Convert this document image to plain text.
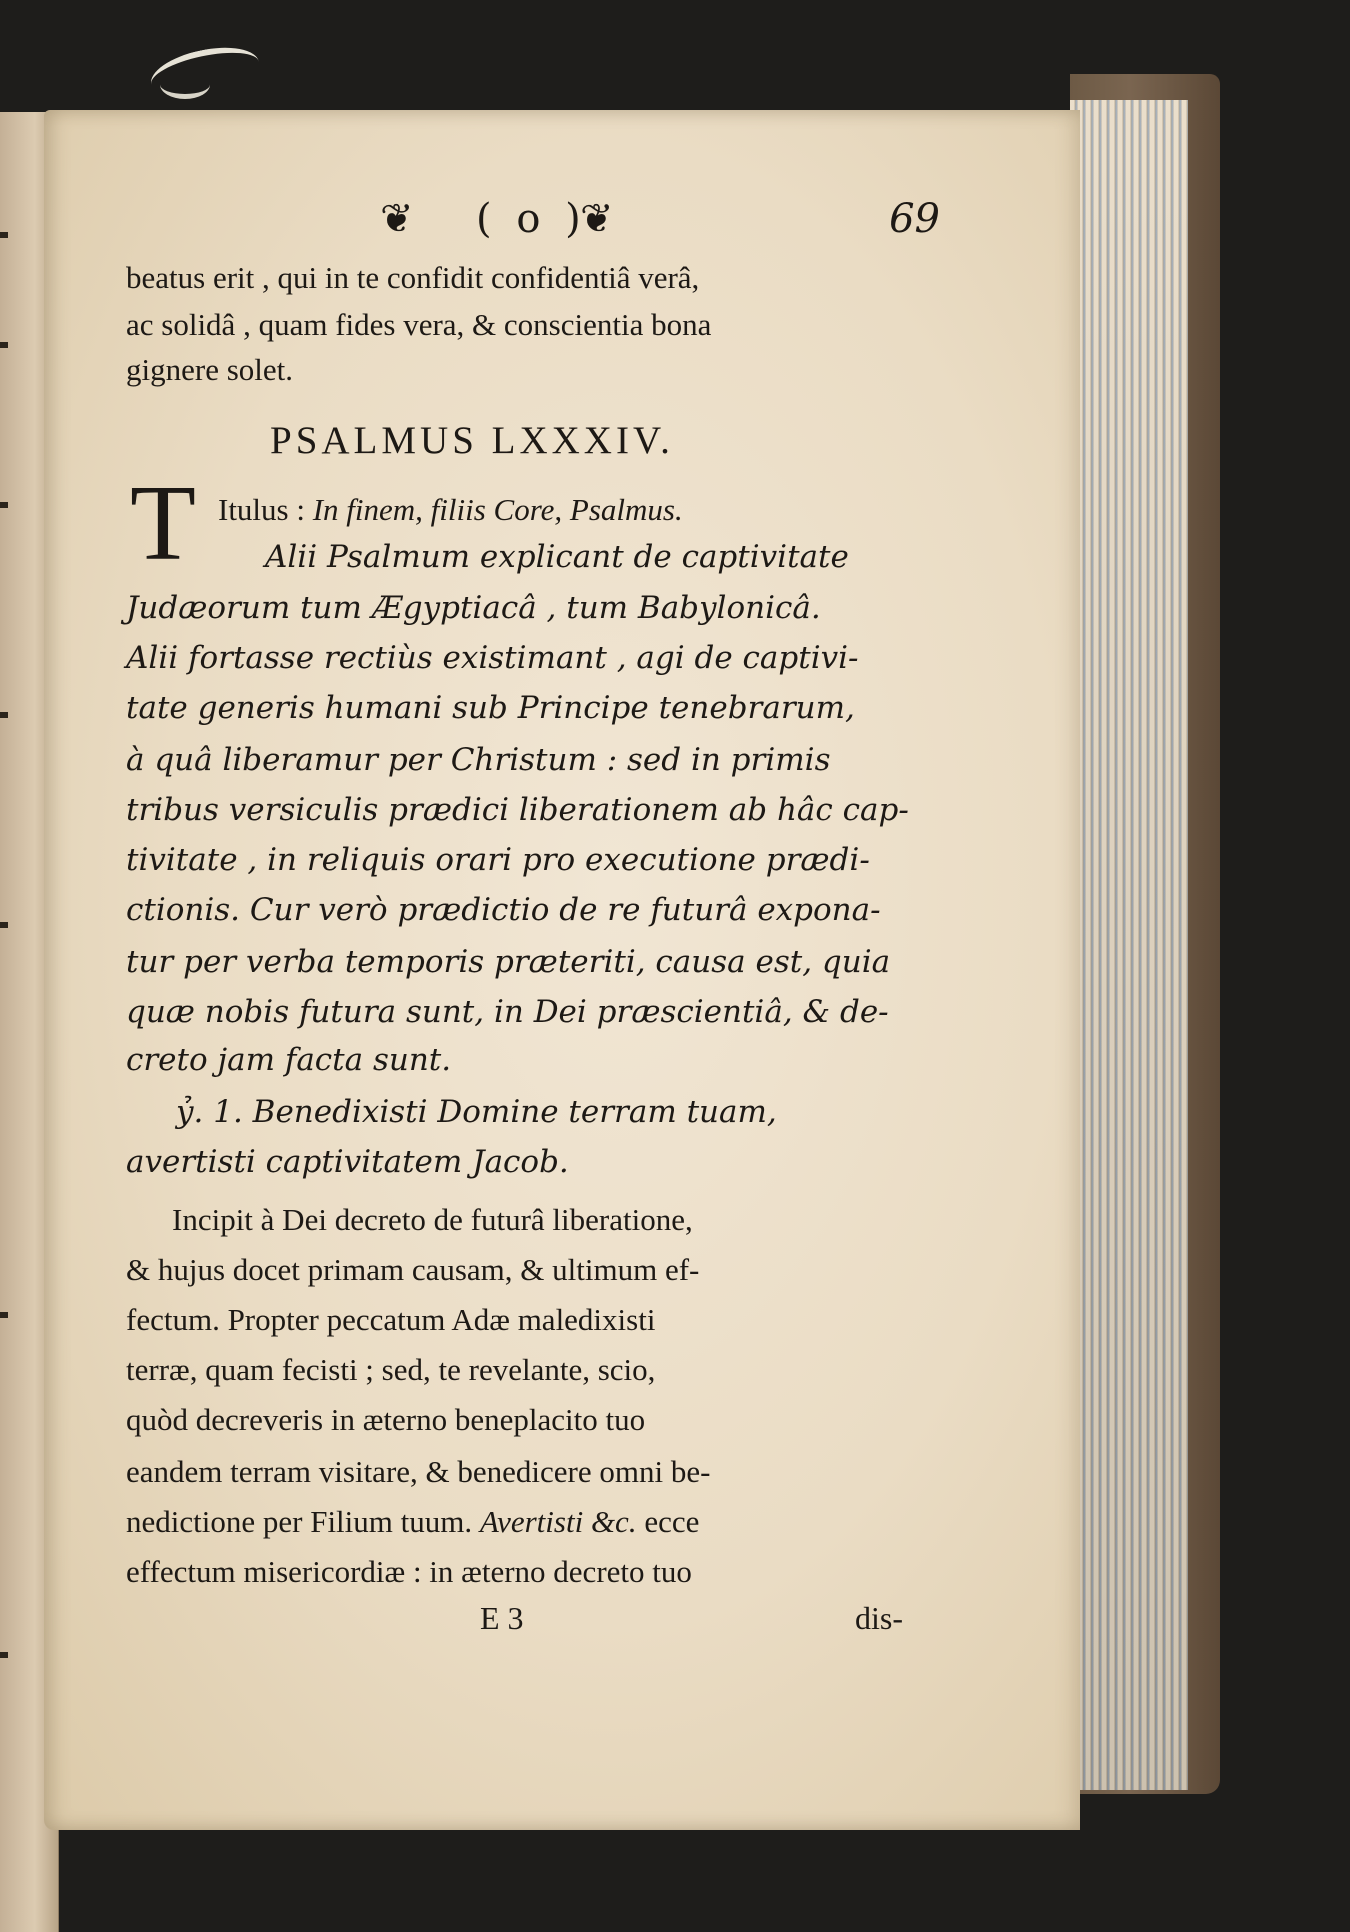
❦ ( o )
❦	69
beatus erit , qui in te confidit confidentiâ verâ,
ac solidâ , quam fides vera, & conscientia bona
gignere solet.
PSALMUS LXXXIV.
T Itulus : In finem, filiis Core, Psalmus.
Alii Psalmum explicant de captivitate
Judæorum tum Ægyptiacâ , tum Babylonicâ.
Alii fortasse rectiùs existimant , agi de captivi-
tate generis humani sub Principe tenebrarum,
à quâ liberamur per Christum : sed in primis
tribus versiculis prædici liberationem ab hâc cap-
tivitate , in reliquis orari pro executione prædi-
ctionis. Cur verò prædictio de re futurâ expona-
tur per verba temporis præteriti, causa est, quia
quæ nobis futura sunt, in Dei præscientiâ, & de-
creto jam facta sunt.
ỷ. 1. Benedixisti Domine terram tuam,
avertisti captivitatem Jacob.
Incipit à Dei decreto de futurâ liberatione,
& hujus docet primam causam, & ultimum ef-
fectum. Propter peccatum Adæ maledixisti
terræ, quam fecisti ; sed, te revelante, scio,
quòd decreveris in æterno beneplacito tuo
eandem terram visitare, & benedicere omni be-
nedictione per Filium tuum. Avertisti &c. ecce
effectum misericordiæ : in æterno decreto tuo
E 3	dis-
